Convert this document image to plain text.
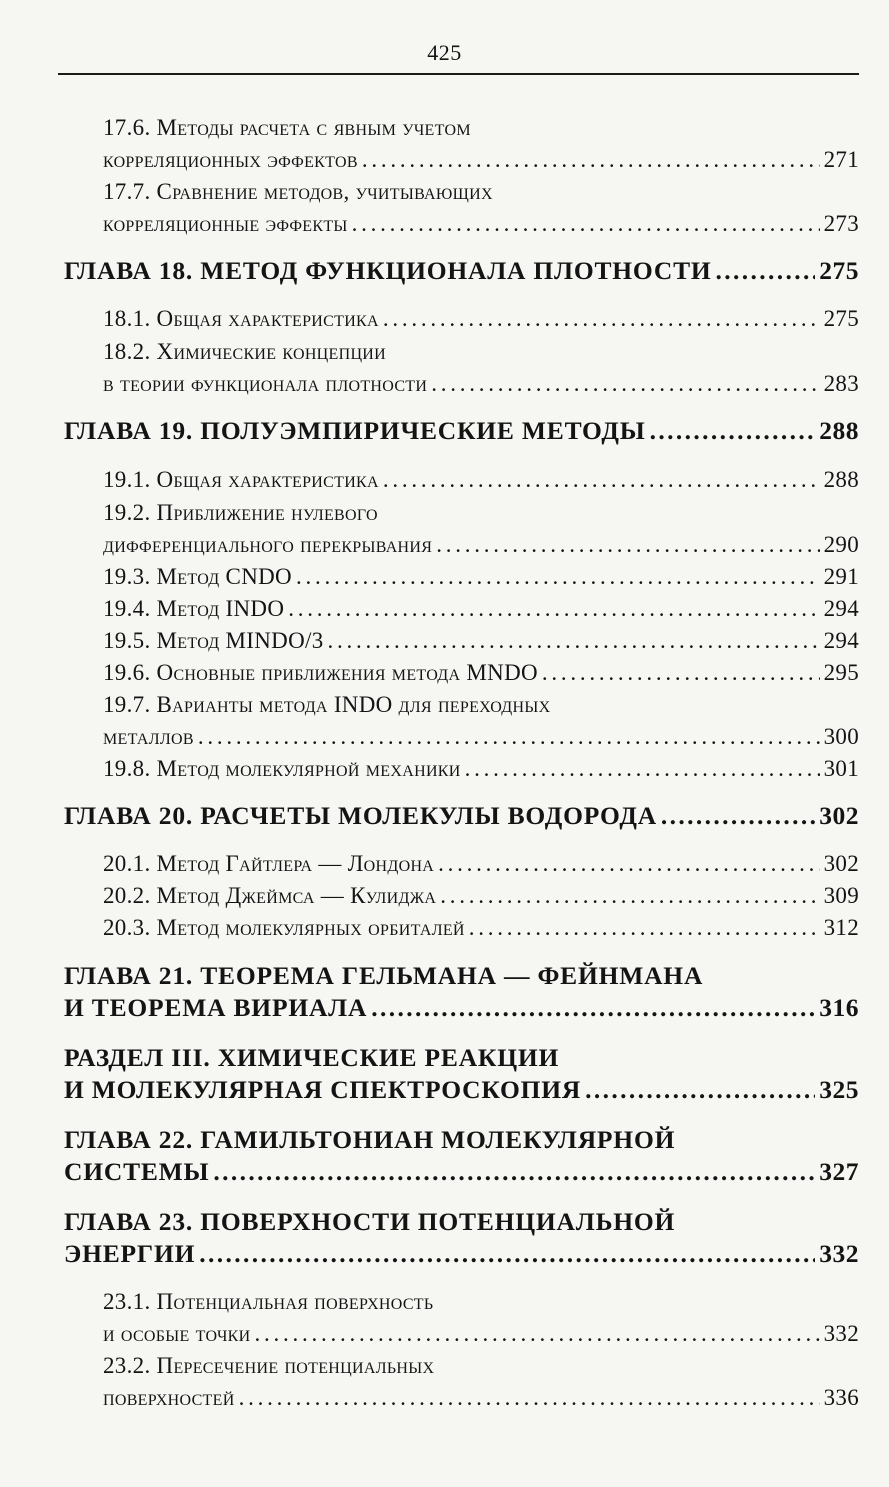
425
17.6. Методы расчета с явным учетом
корреляционных эффектов . . .	271
17.7. Сравнение методов, учитывающих
корреляционные эффекты . . .	273
ГЛАВА 18. МЕТОД ФУНКЦИОНАЛА ПЛОТНОСТИ . . .	275
18.1. Общая характеристика . . .	275
18.2. Химические концепции
в теории функционала плотности . . .	283
ГЛАВА 19. ПОЛУЭМПИРИЧЕСКИЕ МЕТОДЫ . . .	288
19.1. Общая характеристика . . .	288
19.2. Приближение нулевого
дифференциального перекрывания . . .	290
19.3. Метод CNDO . . .	291
19.4. Метод INDO . . .	294
19.5. Метод MINDO/3 . . .	294
19.6. Основные приближения метода MNDO . . .	295
19.7. Варианты метода INDO для переходных
металлов . . .	300
19.8. Метод молекулярной механики . . .	301
ГЛАВА 20. РАСЧЕТЫ МОЛЕКУЛЫ ВОДОРОДА . . .	302
20.1. Метод Гайтлера — Лондона . . .	302
20.2. Метод Джеймса — Кулиджа . . .	309
20.3. Метод молекулярных орбиталей . . .	312
ГЛАВА 21. ТЕОРЕМА ГЕЛЬМАНА — ФЕЙНМАНА
И ТЕОРЕМА ВИРИАЛА . . .	316
РАЗДЕЛ III. ХИМИЧЕСКИЕ РЕАКЦИИ
И МОЛЕКУЛЯРНАЯ СПЕКТРОСКОПИЯ . . .	325
ГЛАВА 22. ГАМИЛЬТОНИАН МОЛЕКУЛЯРНОЙ
СИСТЕМЫ . . .	327
ГЛАВА 23. ПОВЕРХНОСТИ ПОТЕНЦИАЛЬНОЙ
ЭНЕРГИИ . . .	332
23.1. Потенциальная поверхность
и особые точки . . .	332
23.2. Пересечение потенциальных
поверхностей . . .	336
